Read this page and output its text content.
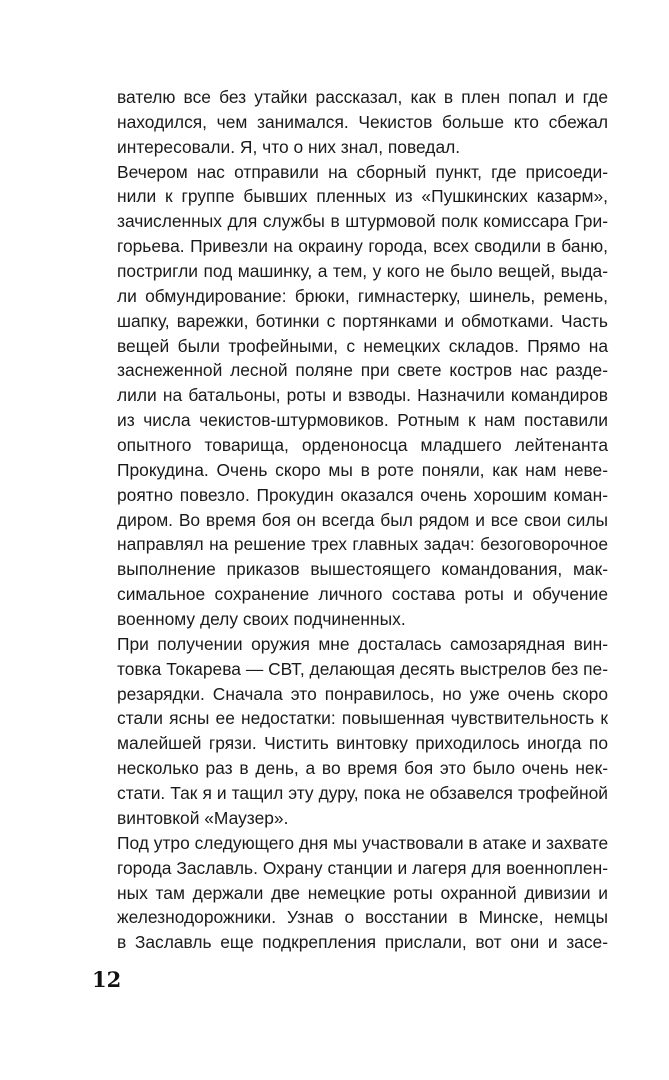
вателю все без утайки рассказал, как в плен попал и где
находился, чем занимался. Чекистов больше кто сбежал
интересовали. Я, что о них знал, поведал.
Вечером нас отправили на сборный пункт, где присоеди-
нили к группе бывших пленных из «Пушкинских казарм»,
зачисленных для службы в штурмовой полк комиссара Гри-
горьева. Привезли на окраину города, всех сводили в баню,
постригли под машинку, а тем, у кого не было вещей, выда-
ли обмундирование: брюки, гимнастерку, шинель, ремень,
шапку, варежки, ботинки с портянками и обмотками. Часть
вещей были трофейными, с немецких складов. Прямо на
заснеженной лесной поляне при свете костров нас разде-
лили на батальоны, роты и взводы. Назначили командиров
из числа чекистов-штурмовиков. Ротным к нам поставили
опытного товарища, орденоносца младшего лейтенанта
Прокудина. Очень скоро мы в роте поняли, как нам неве-
роятно повезло. Прокудин оказался очень хорошим коман-
диром. Во время боя он всегда был рядом и все свои силы
направлял на решение трех главных задач: безоговорочное
выполнение приказов вышестоящего командования, мак-
симальное сохранение личного состава роты и обучение
военному делу своих подчиненных.
При получении оружия мне досталась самозарядная вин-
товка Токарева — СВТ, делающая десять выстрелов без пе-
резарядки. Сначала это понравилось, но уже очень скоро
стали ясны ее недостатки: повышенная чувствительность к
малейшей грязи. Чистить винтовку приходилось иногда по
несколько раз в день, а во время боя это было очень нек-
стати. Так я и тащил эту дуру, пока не обзавелся трофейной
винтовкой «Маузер».
Под утро следующего дня мы участвовали в атаке и захвате
города Заславль. Охрану станции и лагеря для военноплен-
ных там держали две немецкие роты охранной дивизии и
железнодорожники. Узнав о восстании в Минске, немцы
в Заславль еще подкрепления прислали, вот они и засе-
12
